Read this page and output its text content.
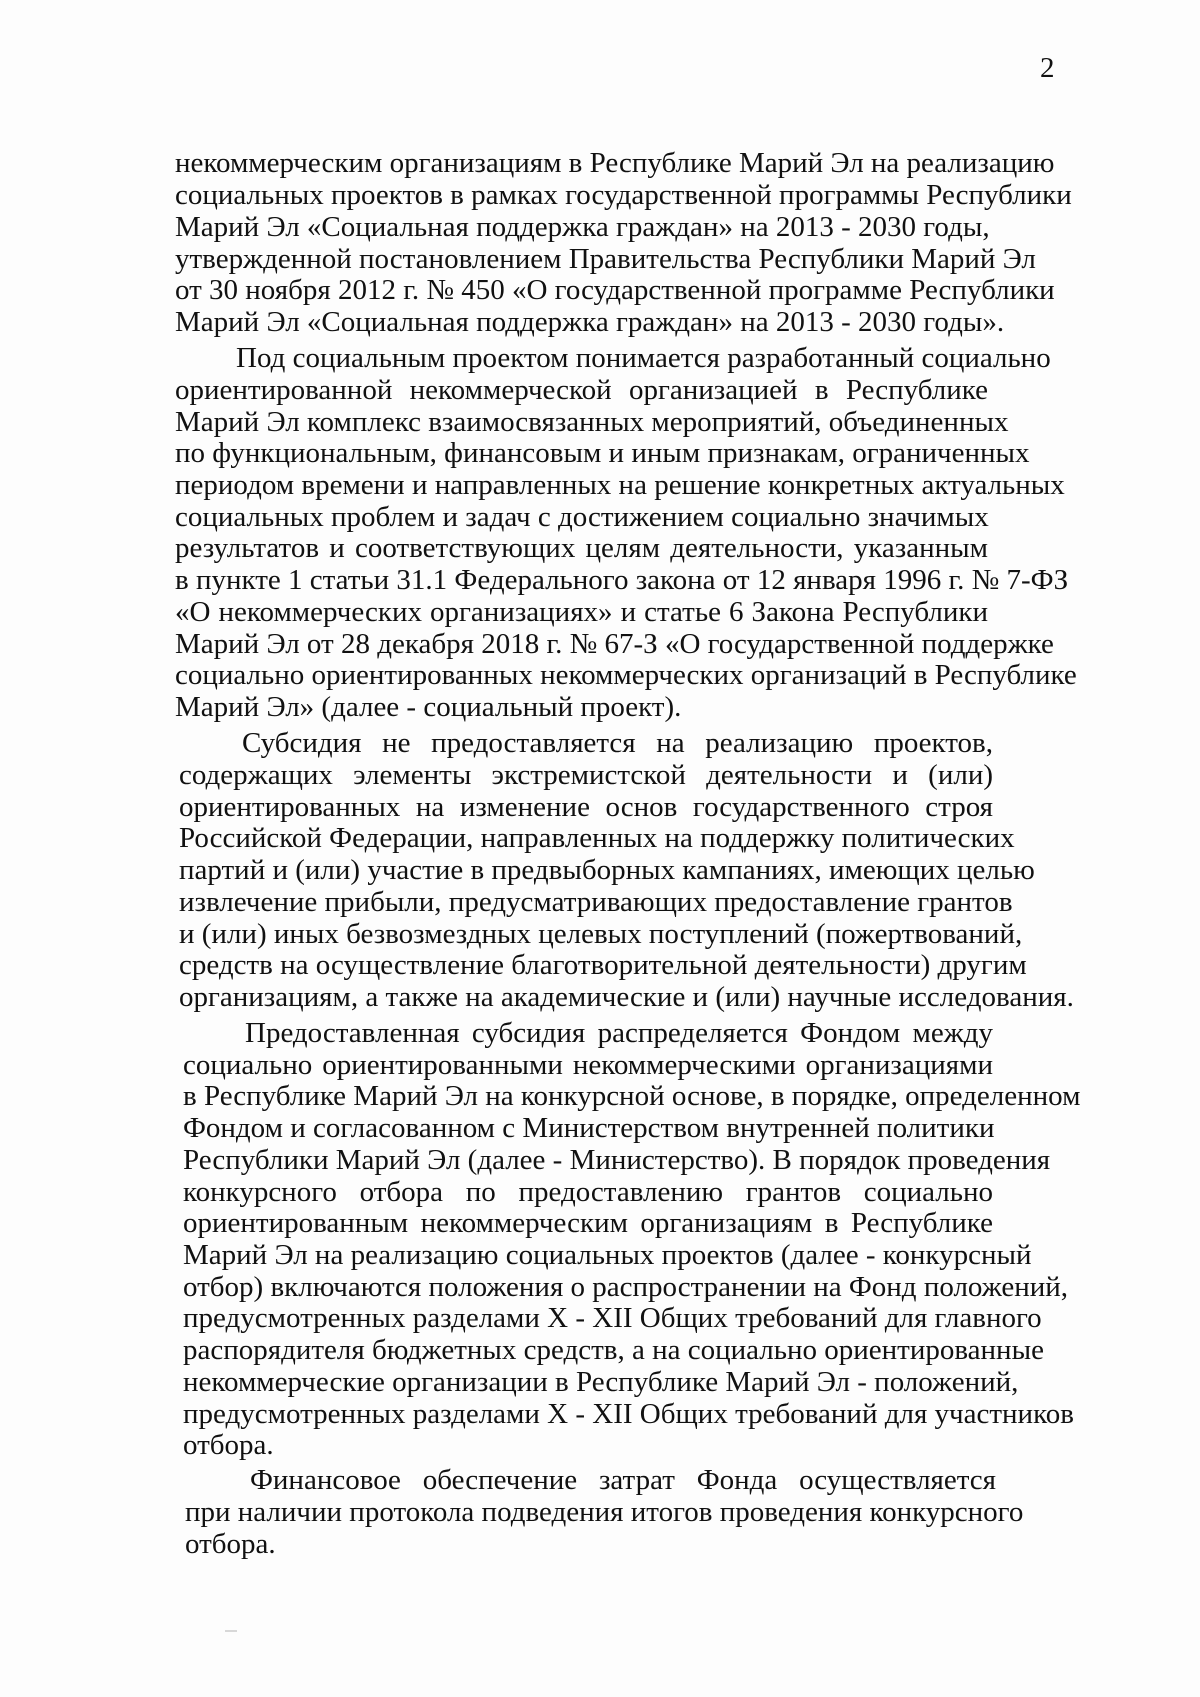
2
некоммерческим организациям в Республике Марий Эл на реализацию
социальных проектов в рамках государственной программы Республики
Марий Эл «Социальная поддержка граждан» на 2013 - 2030 годы,
утвержденной постановлением Правительства Республики Марий Эл
от 30 ноября 2012 г. № 450 «О государственной программе Республики
Марий Эл «Социальная поддержка граждан» на 2013 - 2030 годы».
Под социальным проектом понимается разработанный социально
ориентированной некоммерческой организацией в Республике
Марий Эл комплекс взаимосвязанных мероприятий, объединенных
по функциональным, финансовым и иным признакам, ограниченных
периодом времени и направленных на решение конкретных актуальных
социальных проблем и задач с достижением социально значимых
результатов и соответствующих целям деятельности, указанным
в пункте 1 статьи 31.1 Федерального закона от 12 января 1996 г. № 7-ФЗ
«О некоммерческих организациях» и статье 6 Закона Республики
Марий Эл от 28 декабря 2018 г. № 67-З «О государственной поддержке
социально ориентированных некоммерческих организаций в Республике
Марий Эл» (далее - социальный проект).
Субсидия не предоставляется на реализацию проектов,
содержащих элементы экстремистской деятельности и (или)
ориентированных на изменение основ государственного строя
Российской Федерации, направленных на поддержку политических
партий и (или) участие в предвыборных кампаниях, имеющих целью
извлечение прибыли, предусматривающих предоставление грантов
и (или) иных безвозмездных целевых поступлений (пожертвований,
средств на осуществление благотворительной деятельности) другим
организациям, а также на академические и (или) научные исследования.
Предоставленная субсидия распределяется Фондом между
социально ориентированными некоммерческими организациями
в Республике Марий Эл на конкурсной основе, в порядке, определенном
Фондом и согласованном с Министерством внутренней политики
Республики Марий Эл (далее - Министерство). В порядок проведения
конкурсного отбора по предоставлению грантов социально
ориентированным некоммерческим организациям в Республике
Марий Эл на реализацию социальных проектов (далее - конкурсный
отбор) включаются положения о распространении на Фонд положений,
предусмотренных разделами X - XII Общих требований для главного
распорядителя бюджетных средств, а на социально ориентированные
некоммерческие организации в Республике Марий Эл - положений,
предусмотренных разделами X - XII Общих требований для участников
отбора.
Финансовое обеспечение затрат Фонда осуществляется
при наличии протокола подведения итогов проведения конкурсного
отбора.
